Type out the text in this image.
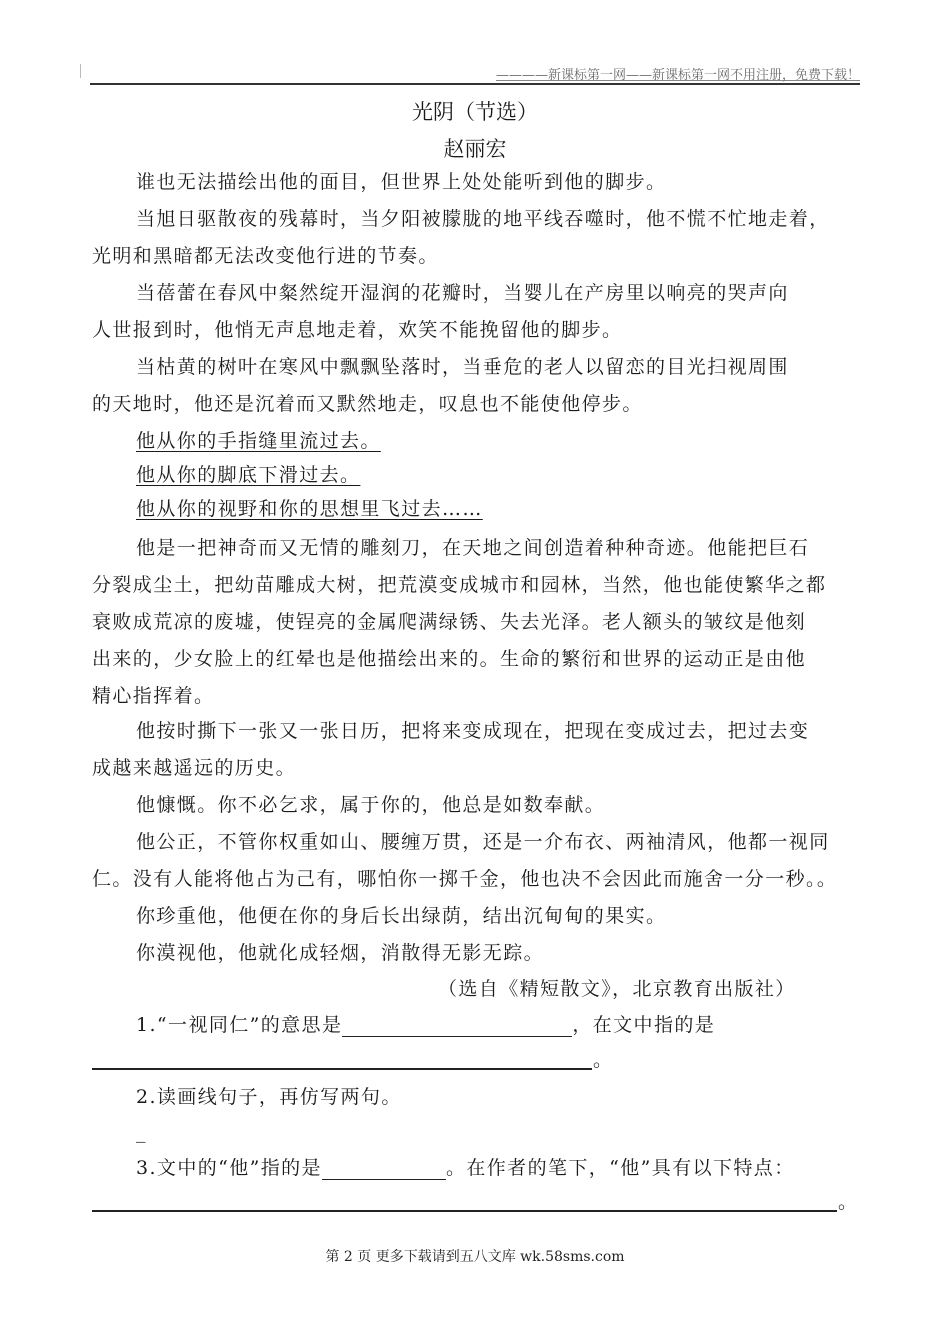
————新课标第一网——新课标第一网不用注册，免费下载！
光阴（节选）
赵丽宏
谁也无法描绘出他的面目，但世界上处处能听到他的脚步。
当旭日驱散夜的残幕时，当夕阳被朦胧的地平线吞噬时，他不慌不忙地走着，
光明和黑暗都无法改变他行进的节奏。
当蓓蕾在春风中粲然绽开湿润的花瓣时，当婴儿在产房里以响亮的哭声向
人世报到时，他悄无声息地走着，欢笑不能挽留他的脚步。
当枯黄的树叶在寒风中飘飘坠落时，当垂危的老人以留恋的目光扫视周围
的天地时，他还是沉着而又默然地走，叹息也不能使他停步。
他从你的手指缝里流过去。
他从你的脚底下滑过去。
他从你的视野和你的思想里飞过去……
他是一把神奇而又无情的雕刻刀，在天地之间创造着种种奇迹。他能把巨石
分裂成尘土，把幼苗雕成大树，把荒漠变成城市和园林，当然，他也能使繁华之都
衰败成荒凉的废墟，使锃亮的金属爬满绿锈、失去光泽。老人额头的皱纹是他刻
出来的，少女脸上的红晕也是他描绘出来的。生命的繁衍和世界的运动正是由他
精心指挥着。
他按时撕下一张又一张日历，把将来变成现在，把现在变成过去，把过去变
成越来越遥远的历史。
他慷慨。你不必乞求，属于你的，他总是如数奉献。
他公正，不管你权重如山、腰缠万贯，还是一介布衣、两袖清风，他都一视同
仁。没有人能将他占为己有，哪怕你一掷千金，他也决不会因此而施舍一分一秒。。
你珍重他，他便在你的身后长出绿荫，结出沉甸甸的果实。
你漠视他，他就化成轻烟，消散得无影无踪。
（选自《精短散文》，北京教育出版社）
1.“一视同仁”的意思是	，在文中指的是
。
2.读画线句子，再仿写两句。
_
3.文中的“他”指的是	。在作者的笔下，“他”具有以下特点：
。
第 2 页 更多下载请到五八文库 wk.58sms.com
